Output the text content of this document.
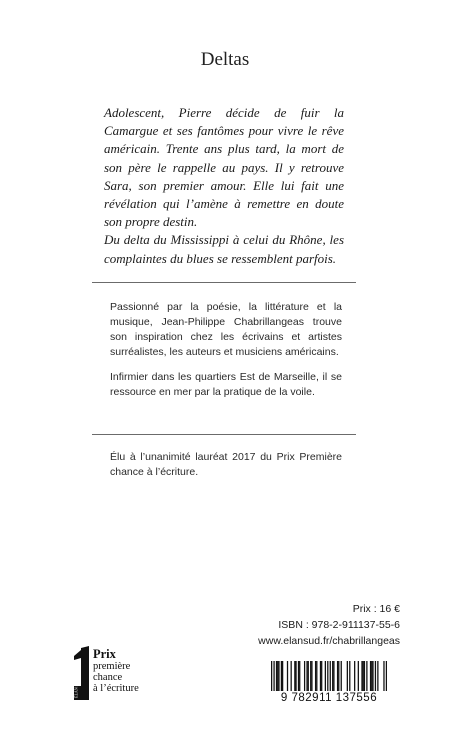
Deltas

Adolescent, Pierre décide de fuir la Camargue et ses fantômes pour vivre le rêve américain. Trente ans plus tard, la mort de son père le rappelle au pays. Il y retrouve Sara, son premier amour. Elle lui fait une révélation qui l’amène à remettre en doute son propre destin.

Du delta du Mississippi à celui du Rhône, les complaintes du blues se ressemblent parfois.

Passionné par la poésie, la littérature et la musique, Jean-Philippe Chabrillangeas trouve son inspiration chez les écrivains et artistes surréalistes, les auteurs et musiciens américains.

Infirmier dans les quartiers Est de Marseille, il se ressource en mer par la pratique de la voile.

Élu à l’unanimité lauréat 2017 du Prix Première chance à l’écriture.

Prix : 16 €
ISBN : 978-2-911137-55-6
www.elansud.fr/chabrillangeas
ÉLAN SUD
Prix
première
chance
à l’écriture
9 782911 137556
